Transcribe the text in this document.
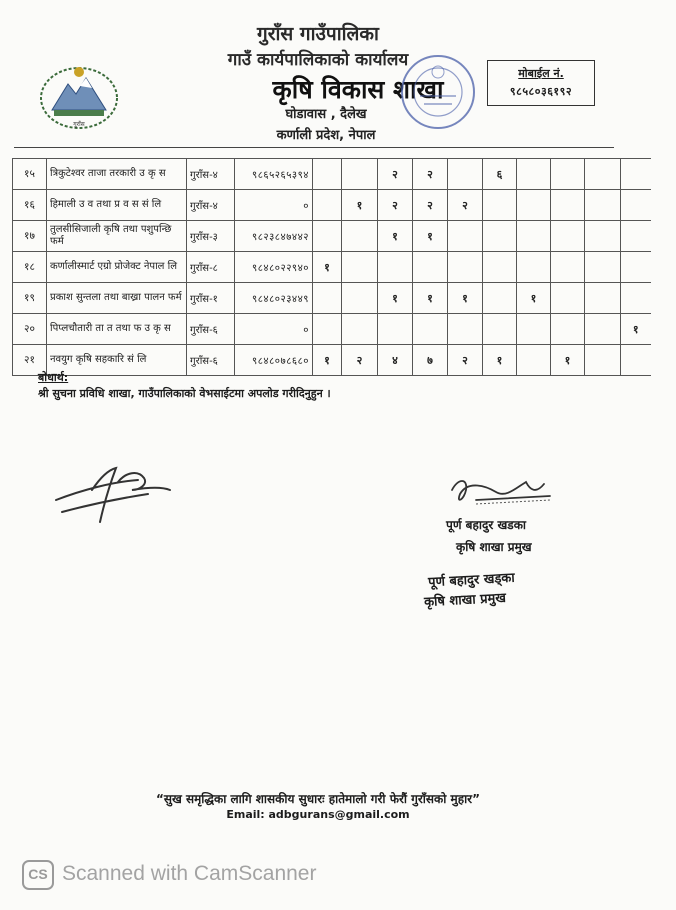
गुराँस
गुराँस गाउँपालिका
गाउँ कार्यपालिकाको कार्यालय
कृषि विकास शाखा
घोडावास , दैलेख
कर्णाली प्रदेश, नेपाल
मोबाईल नं.
९८५८०३६१९२
१५	त्रिकुटेश्वर ताजा तरकारी उ कृ स	गुराँस-४	९८६५२६५३९४			२	२		६				
१६	हिमाली उ व तथा प्र व स सं लि	गुराँस-४	०		१	२	२	२					
१७	तुलसीसिजाली कृषि तथा पशुपन्छि फर्म	गुराँस-३	९८२३८४७४४२			१	१						
१८	कर्णालीस्मार्ट एग्रो प्रोजेक्ट नेपाल लि	गुराँस-८	९८४८०२२९४०	१									
१९	प्रकाश सुन्तला तथा बाख्रा पालन फर्म	गुराँस-१	९८४८०२३४४९			१	१	१		१			
२०	पिप्लचौतारी ता त तथा फ उ कृ स	गुराँस-६	०										१
२१	नवयुग कृषि सहकारि सं लि	गुराँस-६	९८४८०७८६८०	१	२	४	७	२	१		१		
बोधार्थ:
श्री सुचना प्रविधि शाखा, गाउँपालिकाको वेभसाईटमा अपलोड गरीदिनुहुन ।
पूर्ण बहादुर खडका
कृषि शाखा प्रमुख
पूर्ण बहादुर खड्का
कृषि शाखा प्रमुख
“सुख समृद्धिका लागि शासकीय सुधारः हातेमालो गरी फेरौं गुराँसको मुहार”
Email: adbgurans@gmail.com
CS Scanned with CamScanner
